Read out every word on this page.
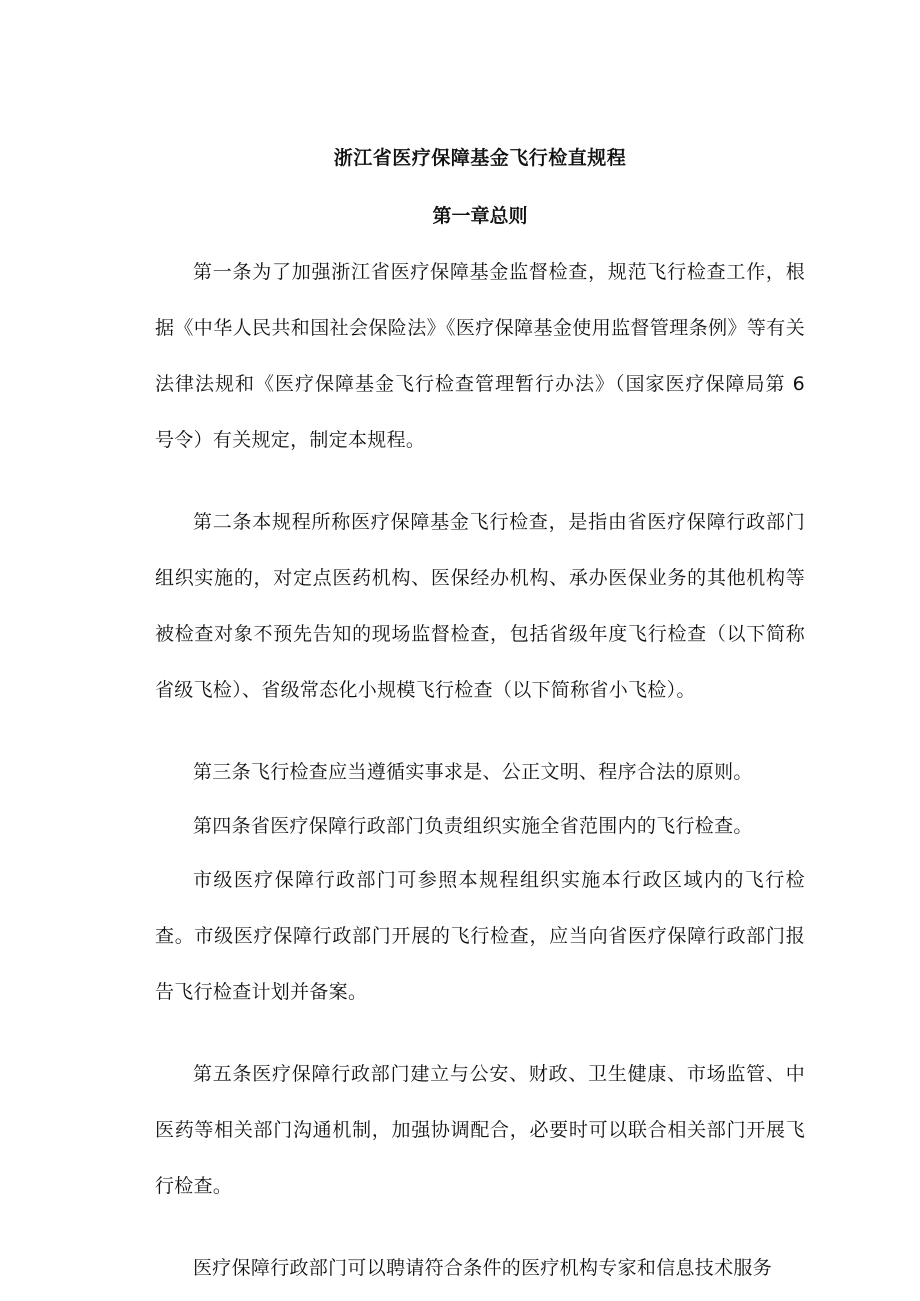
浙江省医疗保障基金飞行检直规程
第一章总则

第一条为了加强浙江省医疗保障基金监督检查，规范飞行检查工作，根据《中华人民共和国社会保险法》《医疗保障基金使用监督管理条例》等有关法律法规和《医疗保障基金飞行检查管理暂行办法》（国家医疗保障局第 6 号令）有关规定，制定本规程。

第二条本规程所称医疗保障基金飞行检查，是指由省医疗保障行政部门组织实施的，对定点医药机构、医保经办机构、承办医保业务的其他机构等被检查对象不预先告知的现场监督检查，包括省级年度飞行检查（以下简称省级飞检）、省级常态化小规模飞行检查（以下简称省小飞检）。

第三条飞行检查应当遵循实事求是、公正文明、程序合法的原则。

第四条省医疗保障行政部门负责组织实施全省范围内的飞行检查。

市级医疗保障行政部门可参照本规程组织实施本行政区域内的飞行检查。市级医疗保障行政部门开展的飞行检查，应当向省医疗保障行政部门报告飞行检查计划并备案。

第五条医疗保障行政部门建立与公安、财政、卫生健康、市场监管、中医药等相关部门沟通机制，加强协调配合，必要时可以联合相关部门开展飞行检查。

医疗保障行政部门可以聘请符合条件的医疗机构专家和信息技术服务
